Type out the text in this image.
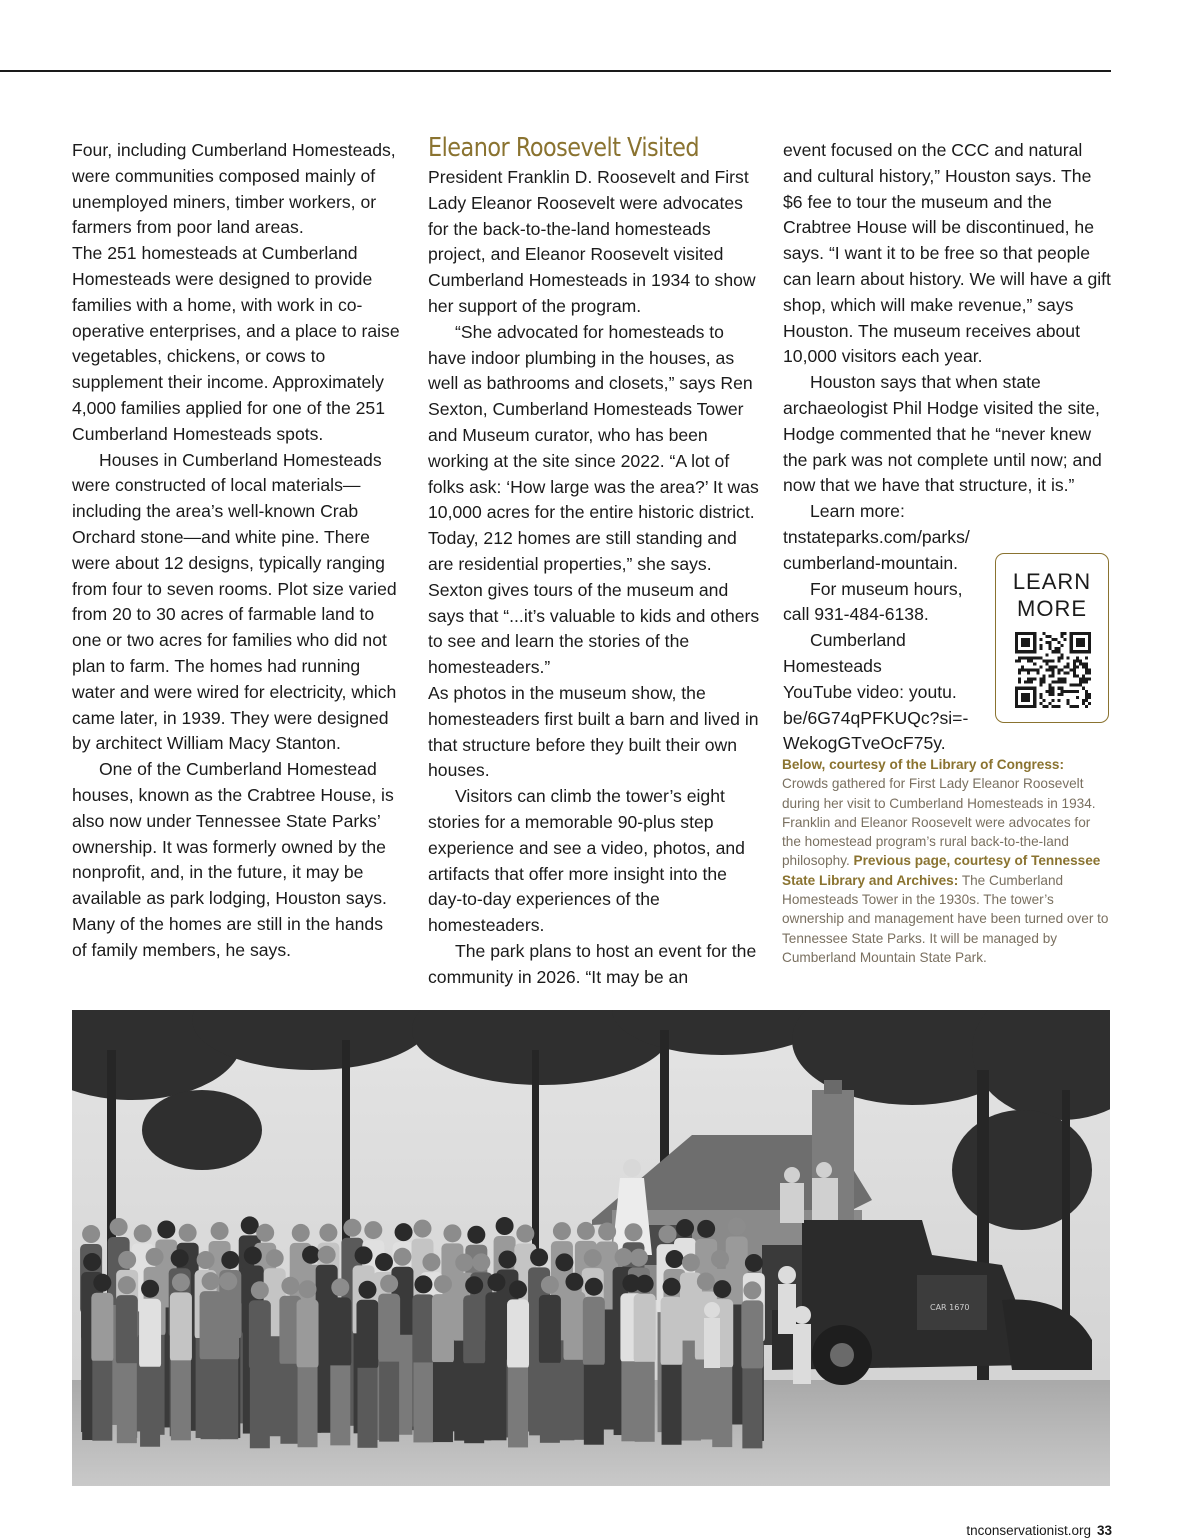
Four, including Cumberland Homesteads, were communities composed mainly of unemployed miners, timber workers, or farmers from poor land areas.

The 251 homesteads at Cumberland Homesteads were designed to provide families with a home, with work in co-operative enterprises, and a place to raise vegetables, chickens, or cows to supplement their income. Approximately 4,000 families applied for one of the 251 Cumberland Homesteads spots.

Houses in Cumberland Homesteads were constructed of local materials—including the area’s well-known Crab Orchard stone—and white pine. There were about 12 designs, typically ranging from four to seven rooms. Plot size varied from 20 to 30 acres of farmable land to one or two acres for families who did not plan to farm. The homes had running water and were wired for electricity, which came later, in 1939. They were designed by architect William Macy Stanton.

One of the Cumberland Homestead houses, known as the Crabtree House, is also now under Tennessee State Parks’ ownership. It was formerly owned by the nonprofit, and, in the future, it may be available as park lodging, Houston says. Many of the homes are still in the hands of family members, he says.

Eleanor Roosevelt Visited

President Franklin D. Roosevelt and First Lady Eleanor Roosevelt were advocates for the back-to-the-land homesteads project, and Eleanor Roosevelt visited Cumberland Homesteads in 1934 to show her support of the program.

“She advocated for homesteads to have indoor plumbing in the houses, as well as bathrooms and closets,” says Ren Sexton, Cumberland Homesteads Tower and Museum curator, who has been working at the site since 2022. “A lot of folks ask: ‘How large was the area?’ It was 10,000 acres for the entire historic district. Today, 212 homes are still standing and are residential properties,” she says. Sexton gives tours of the museum and says that “...it’s valuable to kids and others to see and learn the stories of the homesteaders.”

As photos in the museum show, the homesteaders first built a barn and lived in that structure before they built their own houses.

Visitors can climb the tower’s eight stories for a memorable 90-plus step experience and see a video, photos, and artifacts that offer more insight into the day-to-day experiences of the homesteaders.

The park plans to host an event for the community in 2026. “It may be an

event focused on the CCC and natural and cultural history,” Houston says. The $6 fee to tour the museum and the Crabtree House will be discontinued, he says. “I want it to be free so that people can learn about history. We will have a gift shop, which will make revenue,” says Houston. The museum receives about 10,000 visitors each year.

Houston says that when state archaeologist Phil Hodge visited the site, Hodge commented that he “never knew the park was not complete until now; and now that we have that structure, it is.”

Learn more: tnstateparks.com/parks/ cumberland-mountain.

For museum hours,

call 931-484-6138.

Cumberland

Homesteads

YouTube video: youtu.

be/6G74qPFKUQc?si=-

WekogGTveOcF75y.

LEARN
MORE
Below, courtesy of the Library of Congress: Crowds gathered for First Lady Eleanor Roosevelt during her visit to Cumberland Homesteads in 1934. Franklin and Eleanor Roosevelt were advocates for the homestead program’s rural back-to-the-land philosophy. Previous page, courtesy of Tennessee State Library and Archives: The Cumberland Homesteads Tower in the 1930s. The tower’s ownership and management have been turned over to Tennessee State Parks. It will be managed by Cumberland Mountain State Park.
CAR 1670
tnconservationist.org 33
